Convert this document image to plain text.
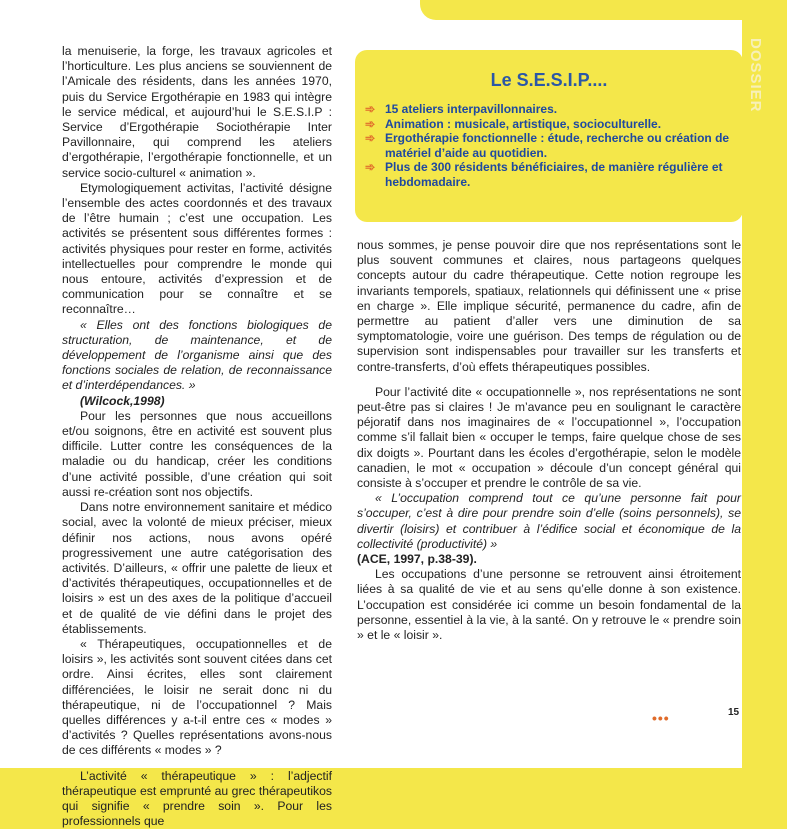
DOSSIER

la menuiserie, la forge, les travaux agricoles et l’horticulture. Les plus anciens se souviennent de l’Amicale des résidents, dans les années 1970, puis du Service Ergothérapie en 1983 qui intègre le service médical, et aujourd’hui le S.E.S.I.P : Service d’Ergothérapie Sociothérapie Inter Pavillonnaire, qui comprend les ateliers d’ergothérapie, l’ergothérapie fonctionnelle, et un service socio-culturel « animation ».

Etymologiquement activitas, l’activité désigne l’ensemble des actes coordonnés et des travaux de l’être humain ; c’est une occupation. Les activités se présentent sous différentes formes : activités physiques pour rester en forme, activités intellectuelles pour comprendre le monde qui nous entoure, activités d’expression et de communication pour se connaître et se reconnaître…

« Elles ont des fonctions biologiques de structuration, de maintenance, et de développement de l’organisme ainsi que des fonctions sociales de relation, de reconnaissance et d’interdépendances. »

(Wilcock,1998)

Pour les personnes que nous accueillons et/ou soignons, être en activité est souvent plus difficile. Lutter contre les conséquences de la maladie ou du handicap, créer les conditions d’une activité possible, d’une création qui soit aussi re-création sont nos objectifs.

Dans notre environnement sanitaire et médico social, avec la volonté de mieux préciser, mieux définir nos actions, nous avons opéré progressivement une autre catégorisation des activités. D’ailleurs, « offrir une palette de lieux et d’activités thérapeutiques, occupationnelles et de loisirs » est un des axes de la politique d’accueil et de qualité de vie défini dans le projet des établissements.

« Thérapeutiques, occupationnelles et de loisirs », les activités sont souvent citées dans cet ordre. Ainsi écrites, elles sont clairement différenciées, le loisir ne serait donc ni du thérapeutique, ni de l’occupationnel ? Mais quelles différences y a-t-il entre ces « modes » d’activités ? Quelles représentations avons-nous de ces différents « modes » ?

L’activité « thérapeutique » : l’adjectif thérapeutique est emprunté au grec thérapeutikos qui signifie « prendre soin ». Pour les professionnels que

Le S.E.S.I.P....
➾ 15 ateliers interpavillonnaires.
➾ Animation : musicale, artistique, socioculturelle.
➾ Ergothérapie fonctionnelle : étude, recherche ou création de matériel d’aide au quotidien.
➾ Plus de 300 résidents bénéficiaires, de manière régulière et hebdomadaire.

nous sommes, je pense pouvoir dire que nos représentations sont le plus souvent communes et claires, nous partageons quelques concepts autour du cadre thérapeutique. Cette notion regroupe les invariants temporels, spatiaux, relationnels qui définissent une « prise en charge ». Elle implique sécurité, permanence du cadre, afin de permettre au patient d’aller vers une diminution de sa symptomatologie, voire une guérison. Des temps de régulation ou de supervision sont indispensables pour travailler sur les transferts et contre-transferts, d’où effets thérapeutiques possibles.

Pour l’activité dite « occupationnelle », nos représentations ne sont peut-être pas si claires ! Je m’avance peu en soulignant le caractère péjoratif dans nos imaginaires de « l’occupationnel », l’occupation comme s’il fallait bien « occuper le temps, faire quelque chose de ses dix doigts ». Pourtant dans les écoles d’ergothérapie, selon le modèle canadien, le mot « occupation » découle d’un concept général qui consiste à s’occuper et prendre le contrôle de sa vie.

« L’occupation comprend tout ce qu’une personne fait pour s’occuper, c’est à dire pour prendre soin d’elle (soins personnels), se divertir (loisirs) et contribuer à l’édifice social et économique de la collectivité (productivité) »

(ACE, 1997, p.38-39).

Les occupations d’une personne se retrouvent ainsi étroitement liées à sa qualité de vie et au sens qu’elle donne à son existence. L’occupation est considérée ici comme un besoin fondamental de la personne, essentiel à la vie, à la santé. On y retrouve le « prendre soin » et le « loisir ».

•••	15
